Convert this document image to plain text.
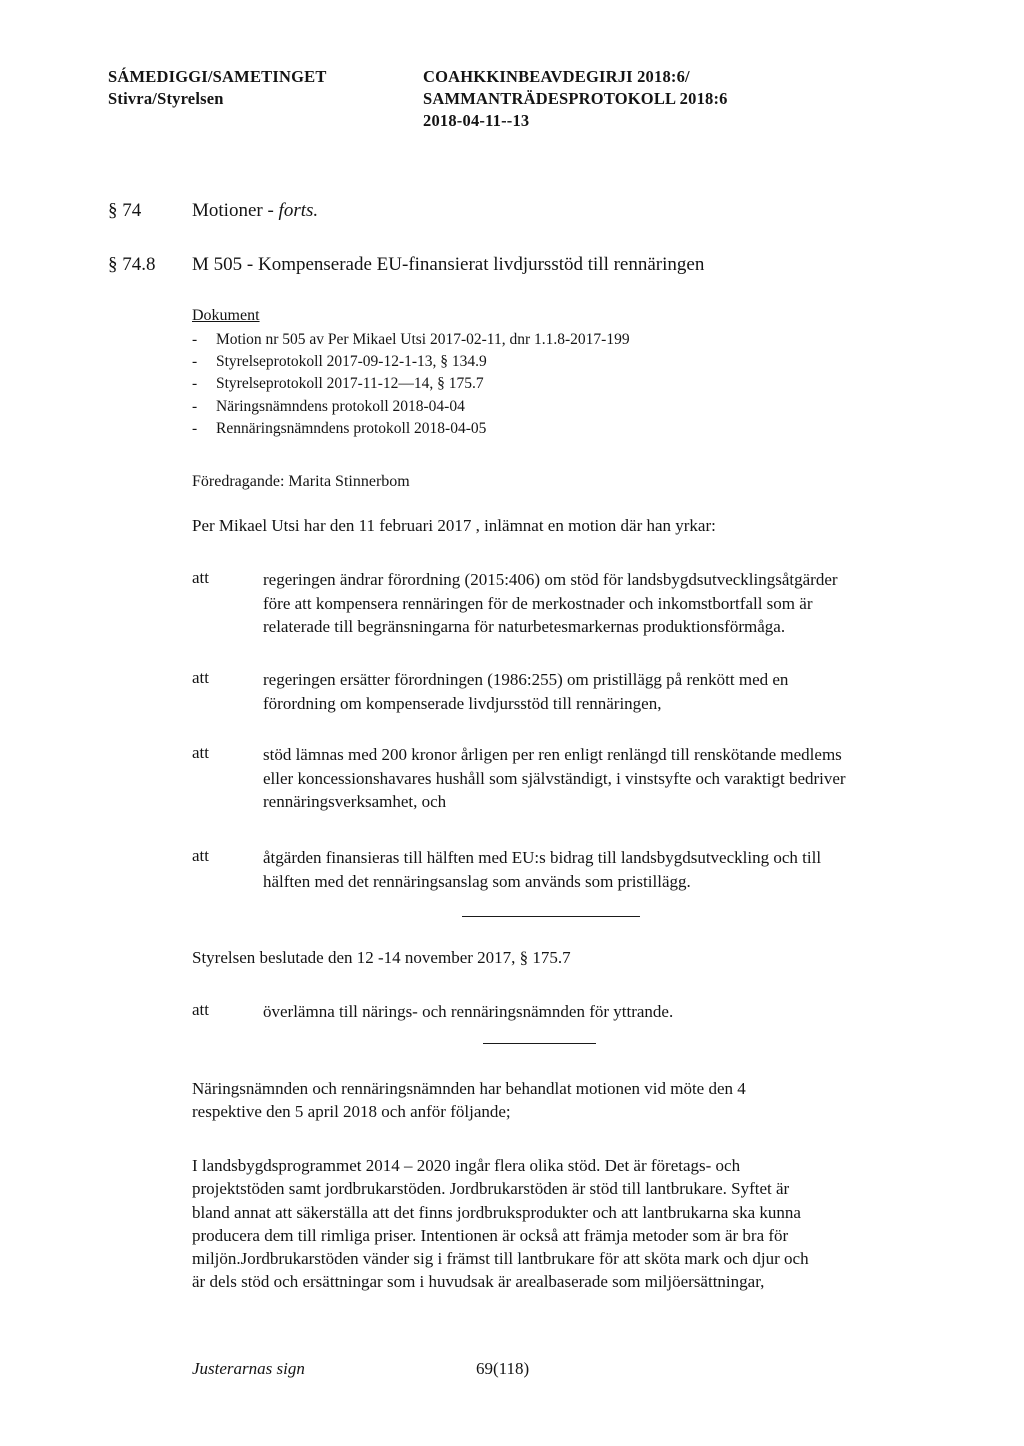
SÁMEDIGGI/SAMETINGET
Stivra/Styrelsen
COAHKKINBEAVDEGIRJI 2018:6/
SAMMANTRÄDESPROTOKOLL 2018:6
2018-04-11--13
§ 74	Motioner - forts.
§ 74.8 M 505 - Kompenserade EU-finansierat livdjursstöd till rennäringen
Dokument
-	Motion nr 505 av Per Mikael Utsi 2017-02-11, dnr 1.1.8-2017-199
-	Styrelseprotokoll 2017-09-12-1-13, § 134.9
-	Styrelseprotokoll 2017-11-12—14, § 175.7
-	Näringsnämndens protokoll 2018-04-04
-	Rennäringsnämndens protokoll 2018-04-05
Föredragande: Marita Stinnerbom
Per Mikael Utsi har den 11 februari 2017 , inlämnat en motion där han yrkar:
att	regeringen ändrar förordning (2015:406) om stöd för landsbygdsutvecklingsåtgärder
före att kompensera rennäringen för de merkostnader och inkomstbortfall som är
relaterade till begränsningarna för naturbetesmarkernas produktionsförmåga.
att	regeringen ersätter förordningen (1986:255) om pristillägg på renkött med en
förordning om kompenserade livdjursstöd till rennäringen,
att	stöd lämnas med 200 kronor årligen per ren enligt renlängd till renskötande medlems
eller koncessionshavares hushåll som självständigt, i vinstsyfte och varaktigt bedriver
rennäringsverksamhet, och
att	åtgärden finansieras till hälften med EU:s bidrag till landsbygdsutveckling och till
hälften med det rennäringsanslag som används som pristillägg.
Styrelsen beslutade den 12 -14 november 2017, § 175.7
att	överlämna till närings- och rennäringsnämnden för yttrande.
Näringsnämnden och rennäringsnämnden har behandlat motionen vid möte den 4
respektive den 5 april 2018 och anför följande;
I landsbygdsprogrammet 2014 – 2020 ingår flera olika stöd. Det är företags- och
projektstöden samt jordbrukarstöden. Jordbrukarstöden är stöd till lantbrukare. Syftet är
bland annat att säkerställa att det finns jordbruksprodukter och att lantbrukarna ska kunna
producera dem till rimliga priser. Intentionen är också att främja metoder som är bra för
miljön.Jordbrukarstöden vänder sig i främst till lantbrukare för att sköta mark och djur och
är dels stöd och ersättningar som i huvudsak är arealbaserade som miljöersättningar,
Justerarnas sign	69(118)
